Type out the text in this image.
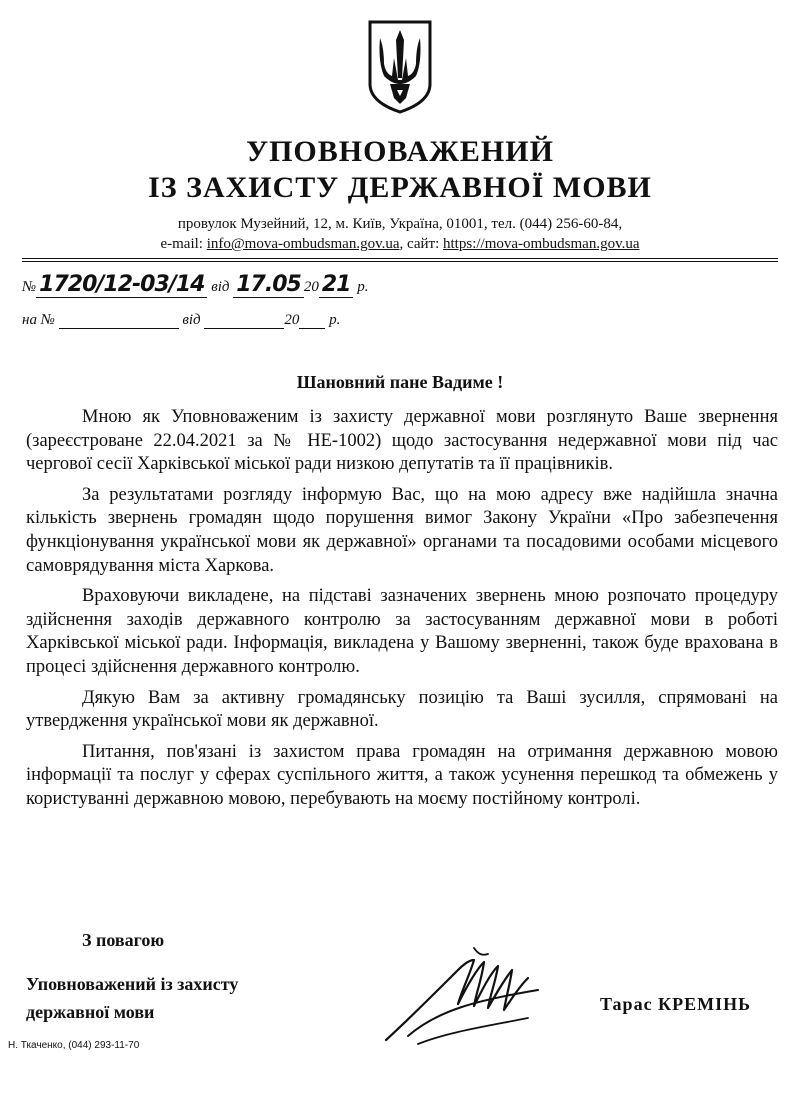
УПОВНОВАЖЕНИЙ
ІЗ ЗАХИСТУ ДЕРЖАВНОЇ МОВИ
провулок Музейний, 12, м. Київ, Україна, 01001, тел. (044) 256-60-84,
e-mail: info@mova-ombudsman.gov.ua, сайт: https://mova-ombudsman.gov.ua
№ 1720/12-03/14 від 17.05 20 21 р.
на №	від	20 р.
Шановний пане Вадиме !

Мною як Уповноваженим із захисту державної мови розглянуто Ваше звернення (зареєстроване 22.04.2021 за № НЕ-1002) щодо застосування недержавної мови під час чергової сесії Харківської міської ради низкою депутатів та її працівників.

За результатами розгляду інформую Вас, що на мою адресу вже надійшла значна кількість звернень громадян щодо порушення вимог Закону України «Про забезпечення функціонування української мови як державної» органами та посадовими особами місцевого самоврядування міста Харкова.

Враховуючи викладене, на підставі зазначених звернень мною розпочато процедуру здійснення заходів державного контролю за застосуванням державної мови в роботі Харківської міської ради. Інформація, викладена у Вашому зверненні, також буде врахована в процесі здійснення державного контролю.

Дякую Вам за активну громадянську позицію та Ваші зусилля, спрямовані на утвердження української мови як державної.

Питання, пов'язані із захистом права громадян на отримання державною мовою інформації та послуг у сферах суспільного життя, а також усунення перешкод та обмежень у користуванні державною мовою, перебувають на моєму постійному контролі.

З повагою
Уповноважений із захисту
державної мови	Тарас КРЕМІНЬ
Н. Ткаченко, (044) 293-11-70
